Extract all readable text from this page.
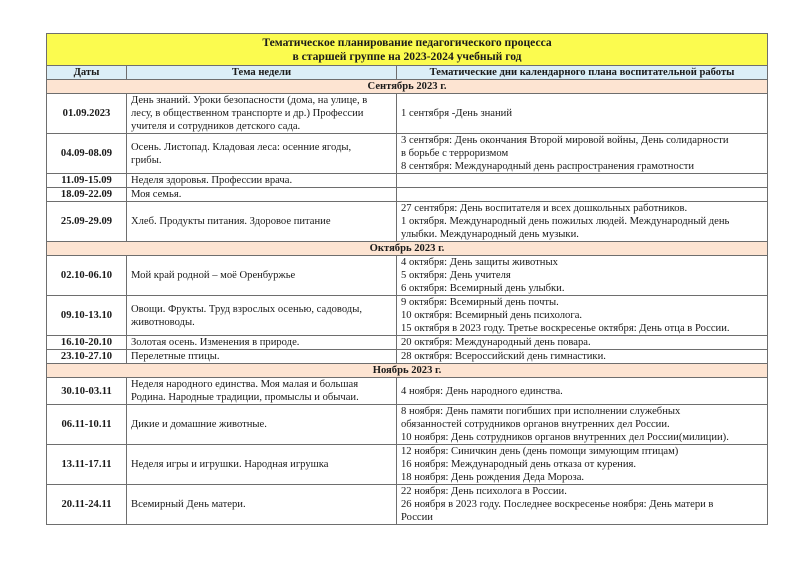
Тематическое планирование педагогического процесса
в старшей группе на 2023-2024 учебный год		

Даты	Тема недели	Тематические дни календарного плана воспитательной работы
Сентябрь 2023 г.		
01.09.2023	День знаний. Уроки безопасности (дома, на улице, в
лесу, в общественном транспорте и др.) Профессии
учителя и сотрудников детского сада.	1 сентября -День знаний

04.09-08.09	Осень. Листопад. Кладовая леса: осенние ягоды,
грибы.	3 сентября: День окончания Второй мировой войны, День солидарности
в борьбе с терроризмом
8 сентября: Международный день распространения грамотности

11.09-15.09	Неделя здоровья. Профессии врача.	

18.09-22.09	Моя семья.	

25.09-29.09	Хлеб. Продукты питания. Здоровое питание	27 сентября: День воспитателя и всех дошкольных работников.
1 октября. Международный день пожилых людей. Международный день
улыбки. Международный день музыки.

Октябрь 2023 г.		
02.10-06.10	Мой край родной – моё Оренбуржье	4 октября: День защиты животных
5 октября: День учителя
6 октября: Всемирный день улыбки.

09.10-13.10	Овощи. Фрукты. Труд взрослых осенью, садоводы,
животноводы.	9 октября: Всемирный день почты.
10 октября: Всемирный день психолога.
15 октября в 2023 году. Третье воскресенье октября: День отца в России.

16.10-20.10	Золотая осень. Изменения в природе.	20 октября: Международный день повара.

23.10-27.10	Перелетные птицы.	28 октября: Всероссийский день гимнастики.

Ноябрь 2023 г.		
30.10-03.11	Неделя народного единства. Моя малая и большая
Родина. Народные традиции, промыслы и обычаи.	4 ноября: День народного единства.

06.11-10.11	Дикие и домашние животные.	8 ноября: День памяти погибших при исполнении служебных
обязанностей сотрудников органов внутренних дел России.
10 ноября: День сотрудников органов внутренних дел России(милиции).

13.11-17.11	Неделя игры и игрушки. Народная игрушка	12 ноября: Синичкин день (день помощи зимующим птицам)
16 ноября: Международный день отказа от курения.
18 ноября: День рождения Деда Мороза.

20.11-24.11	Всемирный День матери.	22 ноября: День психолога в России.
26 ноября в 2023 году. Последнее воскресенье ноября: День матери в
России
